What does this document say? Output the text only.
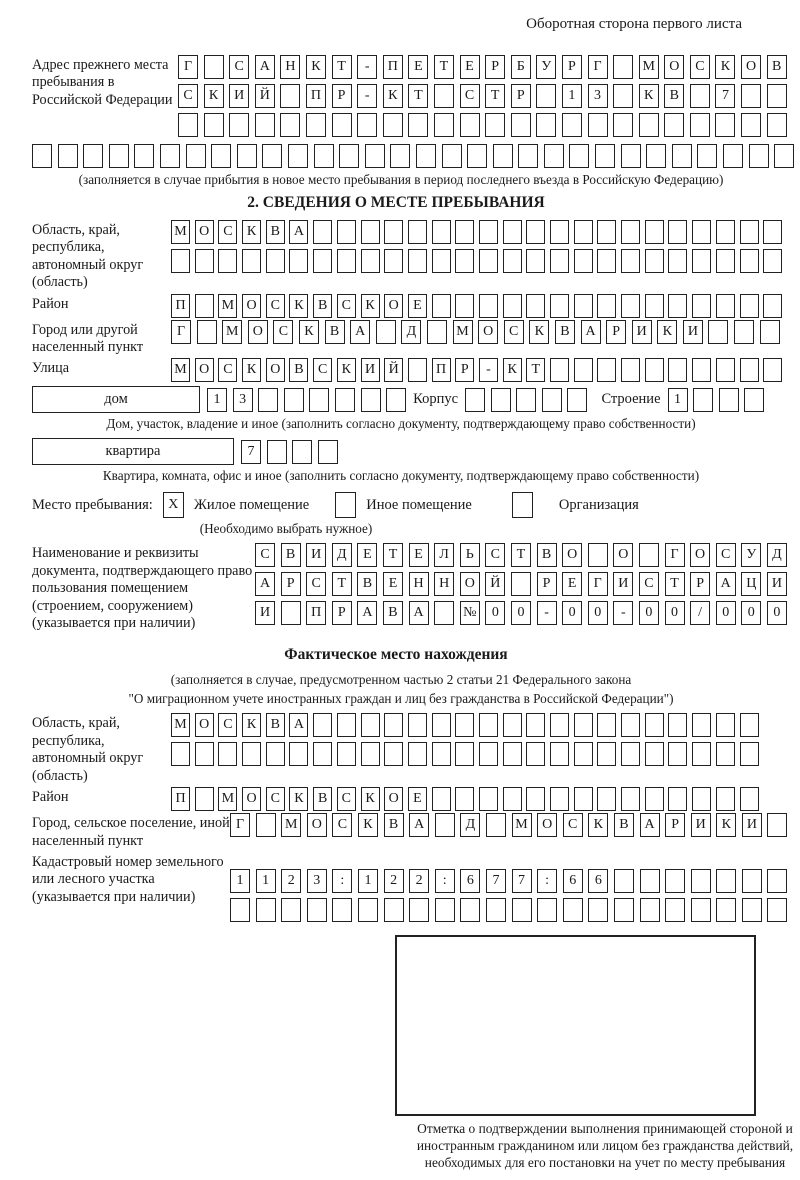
Оборотная сторона первого листа
Адрес прежнего места пребывания в Российской Федерации
Г	С	А	Н	К	Т	-	П	Е	Т	Е	Р	Б	У	Р	Г	М	О	С	К	О	В
С	К	И	Й	П	Р	-	К	Т	С	Т	Р	1	3	К	В	7
(заполняется в случае прибытия в новое место пребывания в период последнего въезда в Российскую Федерацию)
2. СВЕДЕНИЯ О МЕСТЕ ПРЕБЫВАНИЯ
Область, край, республика, автономный округ (область)
М О С	К	В А
Район	П	М О С	К	В	С	К О	Е
Город или другой населенный пункт
Г	М	О	С	К	В	А	Д	М	О	С	К	В	А	Р	И	К	И
Улица	М О С	К О В	С	К И Й	П	Р	-	К	Т
дом	1	3	Корпус	Строение 1
Дом, участок, владение и иное (заполнить согласно документу, подтверждающему право собственности)
квартира	7
Квартира, комната, офис и иное (заполнить согласно документу, подтверждающему право собственности)
Место пребывания:	X	Жилое помещение	Иное помещение	Организация
(Необходимо выбрать нужное)
Наименование и реквизиты документа, подтверждающего право пользования помещением (строением, сооружением) (указывается при наличии)
С	В	И	Д	Е	Т	Е	Л	Ь	С	Т	В	О	О	Г	О	С	У	Д
А	Р	С	Т	В	Е	Н	Н	О	Й	Р	Е	Г	И	С	Т	Р	А	Ц	И
И	П	Р	А	В	А	№	0	0	-	0	0	-	0	0	/	0	0	0
Фактическое место нахождения
(заполняется в случае, предусмотренном частью 2 статьи 21 Федерального закона
"О миграционном учете иностранных граждан и лиц без гражданства в Российской Федерации")
Область, край, республика, автономный округ (область)
М О С	К	В А
Район	П	М О С	К	В	С	К О	Е
Город, сельское поселение, иной населенный пункт
Г	М	О	С	К	В	А	Д	М	О	С	К	В	А	Р	И	К	И
Кадастровый номер земельного или лесного участка (указывается при наличии)
1	1	2	3	:	1	2	2	:	6	7	7	:	6	6
Отметка о подтверждении выполнения принимающей стороной и иностранным гражданином или лицом без гражданства действий, необходимых для его постановки на учет по месту пребывания
